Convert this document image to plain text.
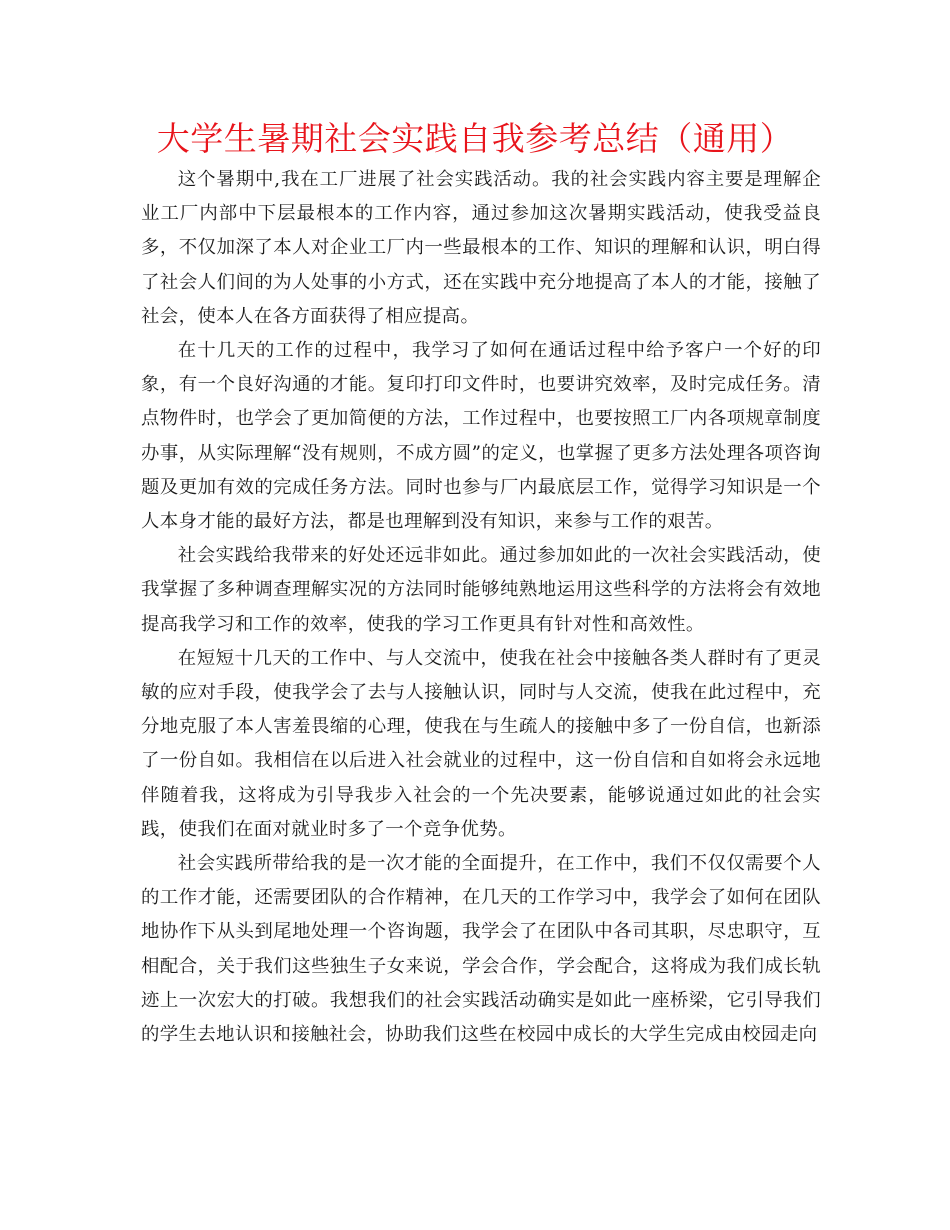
大学生暑期社会实践自我参考总结（通用）

这个暑期中,我在工厂进展了社会实践活动。我的社会实践内容主要是理解企业工厂内部中下层最根本的工作内容，通过参加这次暑期实践活动，使我受益良多，不仅加深了本人对企业工厂内一些最根本的工作、知识的理解和认识，明白得了社会人们间的为人处事的小方式，还在实践中充分地提高了本人的才能，接触了社会，使本人在各方面获得了相应提高。

在十几天的工作的过程中，我学习了如何在通话过程中给予客户一个好的印象，有一个良好沟通的才能。复印打印文件时，也要讲究效率，及时完成任务。清点物件时，也学会了更加简便的方法，工作过程中，也要按照工厂内各项规章制度办事，从实际理解“没有规则，不成方圆”的定义，也掌握了更多方法处理各项咨询题及更加有效的完成任务方法。同时也参与厂内最底层工作，觉得学习知识是一个人本身才能的最好方法，都是也理解到没有知识，来参与工作的艰苦。

社会实践给我带来的好处还远非如此。通过参加如此的一次社会实践活动，使我掌握了多种调查理解实况的方法同时能够纯熟地运用这些科学的方法将会有效地提高我学习和工作的效率，使我的学习工作更具有针对性和高效性。

在短短十几天的工作中、与人交流中，使我在社会中接触各类人群时有了更灵敏的应对手段，使我学会了去与人接触认识，同时与人交流，使我在此过程中，充分地克服了本人害羞畏缩的心理，使我在与生疏人的接触中多了一份自信，也新添了一份自如。我相信在以后进入社会就业的过程中，这一份自信和自如将会永远地伴随着我，这将成为引导我步入社会的一个先决要素，能够说通过如此的社会实践，使我们在面对就业时多了一个竞争优势。

社会实践所带给我的是一次才能的全面提升，在工作中，我们不仅仅需要个人的工作才能，还需要团队的合作精神，在几天的工作学习中，我学会了如何在团队地协作下从头到尾地处理一个咨询题，我学会了在团队中各司其职，尽忠职守，互相配合，关于我们这些独生子女来说，学会合作，学会配合，这将成为我们成长轨迹上一次宏大的打破。我想我们的社会实践活动确实是如此一座桥梁，它引导我们的学生去地认识和接触社会，协助我们这些在校园中成长的大学生完成由校园走向
